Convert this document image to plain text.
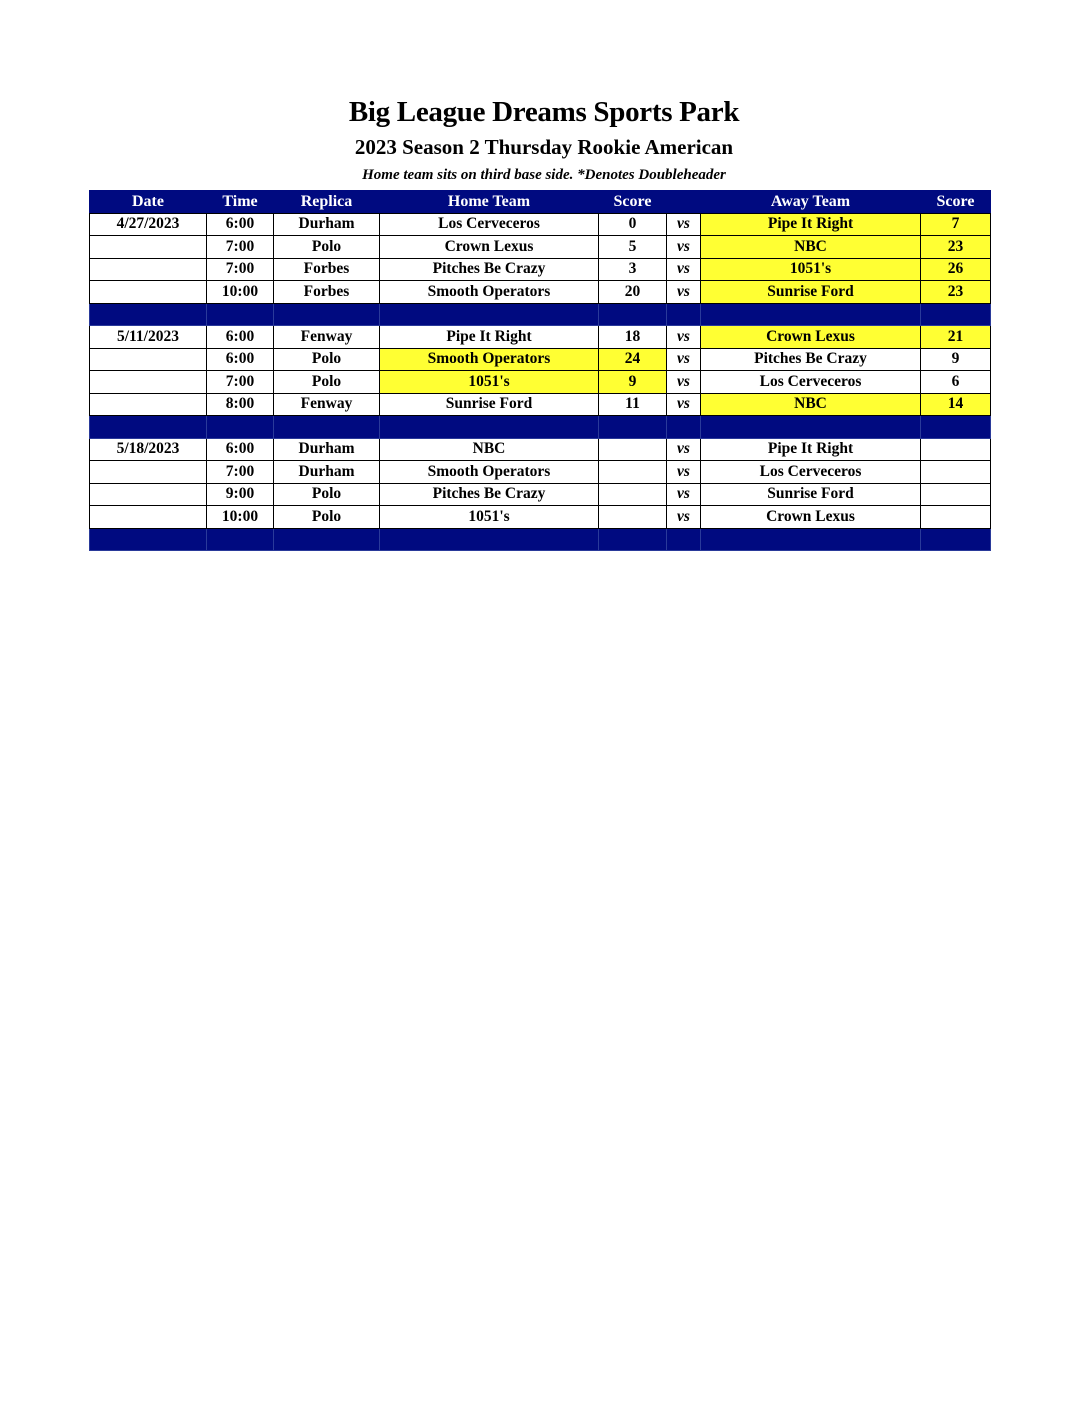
Big League Dreams Sports Park
2023 Season 2 Thursday Rookie American
Home team sits on third base side. *Denotes Doubleheader
Date	Time	Replica	Home Team	Score		Away Team	Score
4/27/2023	6:00	Durham	Los Cerveceros	0	vs	Pipe It Right	7
	7:00	Polo	Crown Lexus	5	vs	NBC	23
	7:00	Forbes	Pitches Be Crazy	3	vs	1051's	26
	10:00	Forbes	Smooth Operators	20	vs	Sunrise Ford	23

5/11/2023	6:00	Fenway	Pipe It Right	18	vs	Crown Lexus	21
	6:00	Polo	Smooth Operators	24	vs	Pitches Be Crazy	9
	7:00	Polo	1051's	9	vs	Los Cerveceros	6
	8:00	Fenway	Sunrise Ford	11	vs	NBC	14

5/18/2023	6:00	Durham	NBC		vs	Pipe It Right	
	7:00	Durham	Smooth Operators		vs	Los Cerveceros	
	9:00	Polo	Pitches Be Crazy		vs	Sunrise Ford	
	10:00	Polo	1051's		vs	Crown Lexus	
